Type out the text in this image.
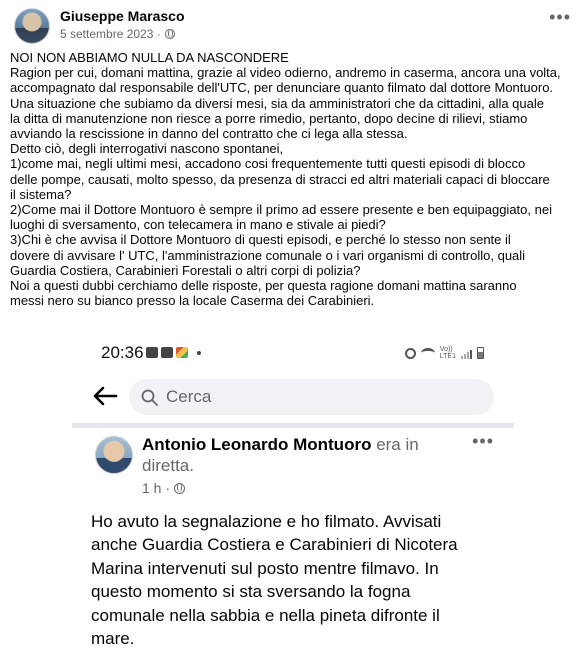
Giuseppe Marasco
5 settembre 2023 ·
•••

NOI NON ABBIAMO NULLA DA NASCONDERE

Ragion per cui, domani mattina, grazie al video odierno, andremo in caserma, ancora una volta,

accompagnato dal responsabile dell'UTC, per denunciare quanto filmato dal dottore Montuoro.

Una situazione che subiamo da diversi mesi, sia da amministratori che da cittadini, alla quale

la ditta di manutenzione non riesce a porre rimedio, pertanto, dopo decine di rilievi, stiamo

avviando la rescissione in danno del contratto che ci lega alla stessa.

Detto ciò, degli interrogativi nascono spontanei,

1)come mai, negli ultimi mesi, accadono cosi frequentemente tutti questi episodi di blocco

delle pompe, causati, molto spesso, da presenza di stracci ed altri materiali capaci di bloccare

il sistema?

2)Come mai il Dottore Montuoro è sempre il primo ad essere presente e ben equipaggiato, nei

luoghi di sversamento, con telecamera in mano e stivale ai piedi?

3)Chi è che avvisa il Dottore Montuoro di questi episodi, e perché lo stesso non sente il

dovere di avvisare l' UTC, l'amministrazione comunale o i vari organismi di controllo, quali

Guardia Costiera, Carabinieri Forestali o altri corpi di polizia?

Noi a questi dubbi cerchiamo delle risposte, per questa ragione domani mattina saranno

messi nero su bianco presso la locale Caserma dei Carabinieri.

20:36	Vo))
LTE1
Cerca
Antonio Leonardo Montuoro era in diretta.
1 h ·
•••

Ho avuto la segnalazione e ho filmato. Avvisati

anche Guardia Costiera e Carabinieri di Nicotera

Marina intervenuti sul posto mentre filmavo. In

questo momento si sta sversando la fogna

comunale nella sabbia e nella pineta difronte il

mare.
